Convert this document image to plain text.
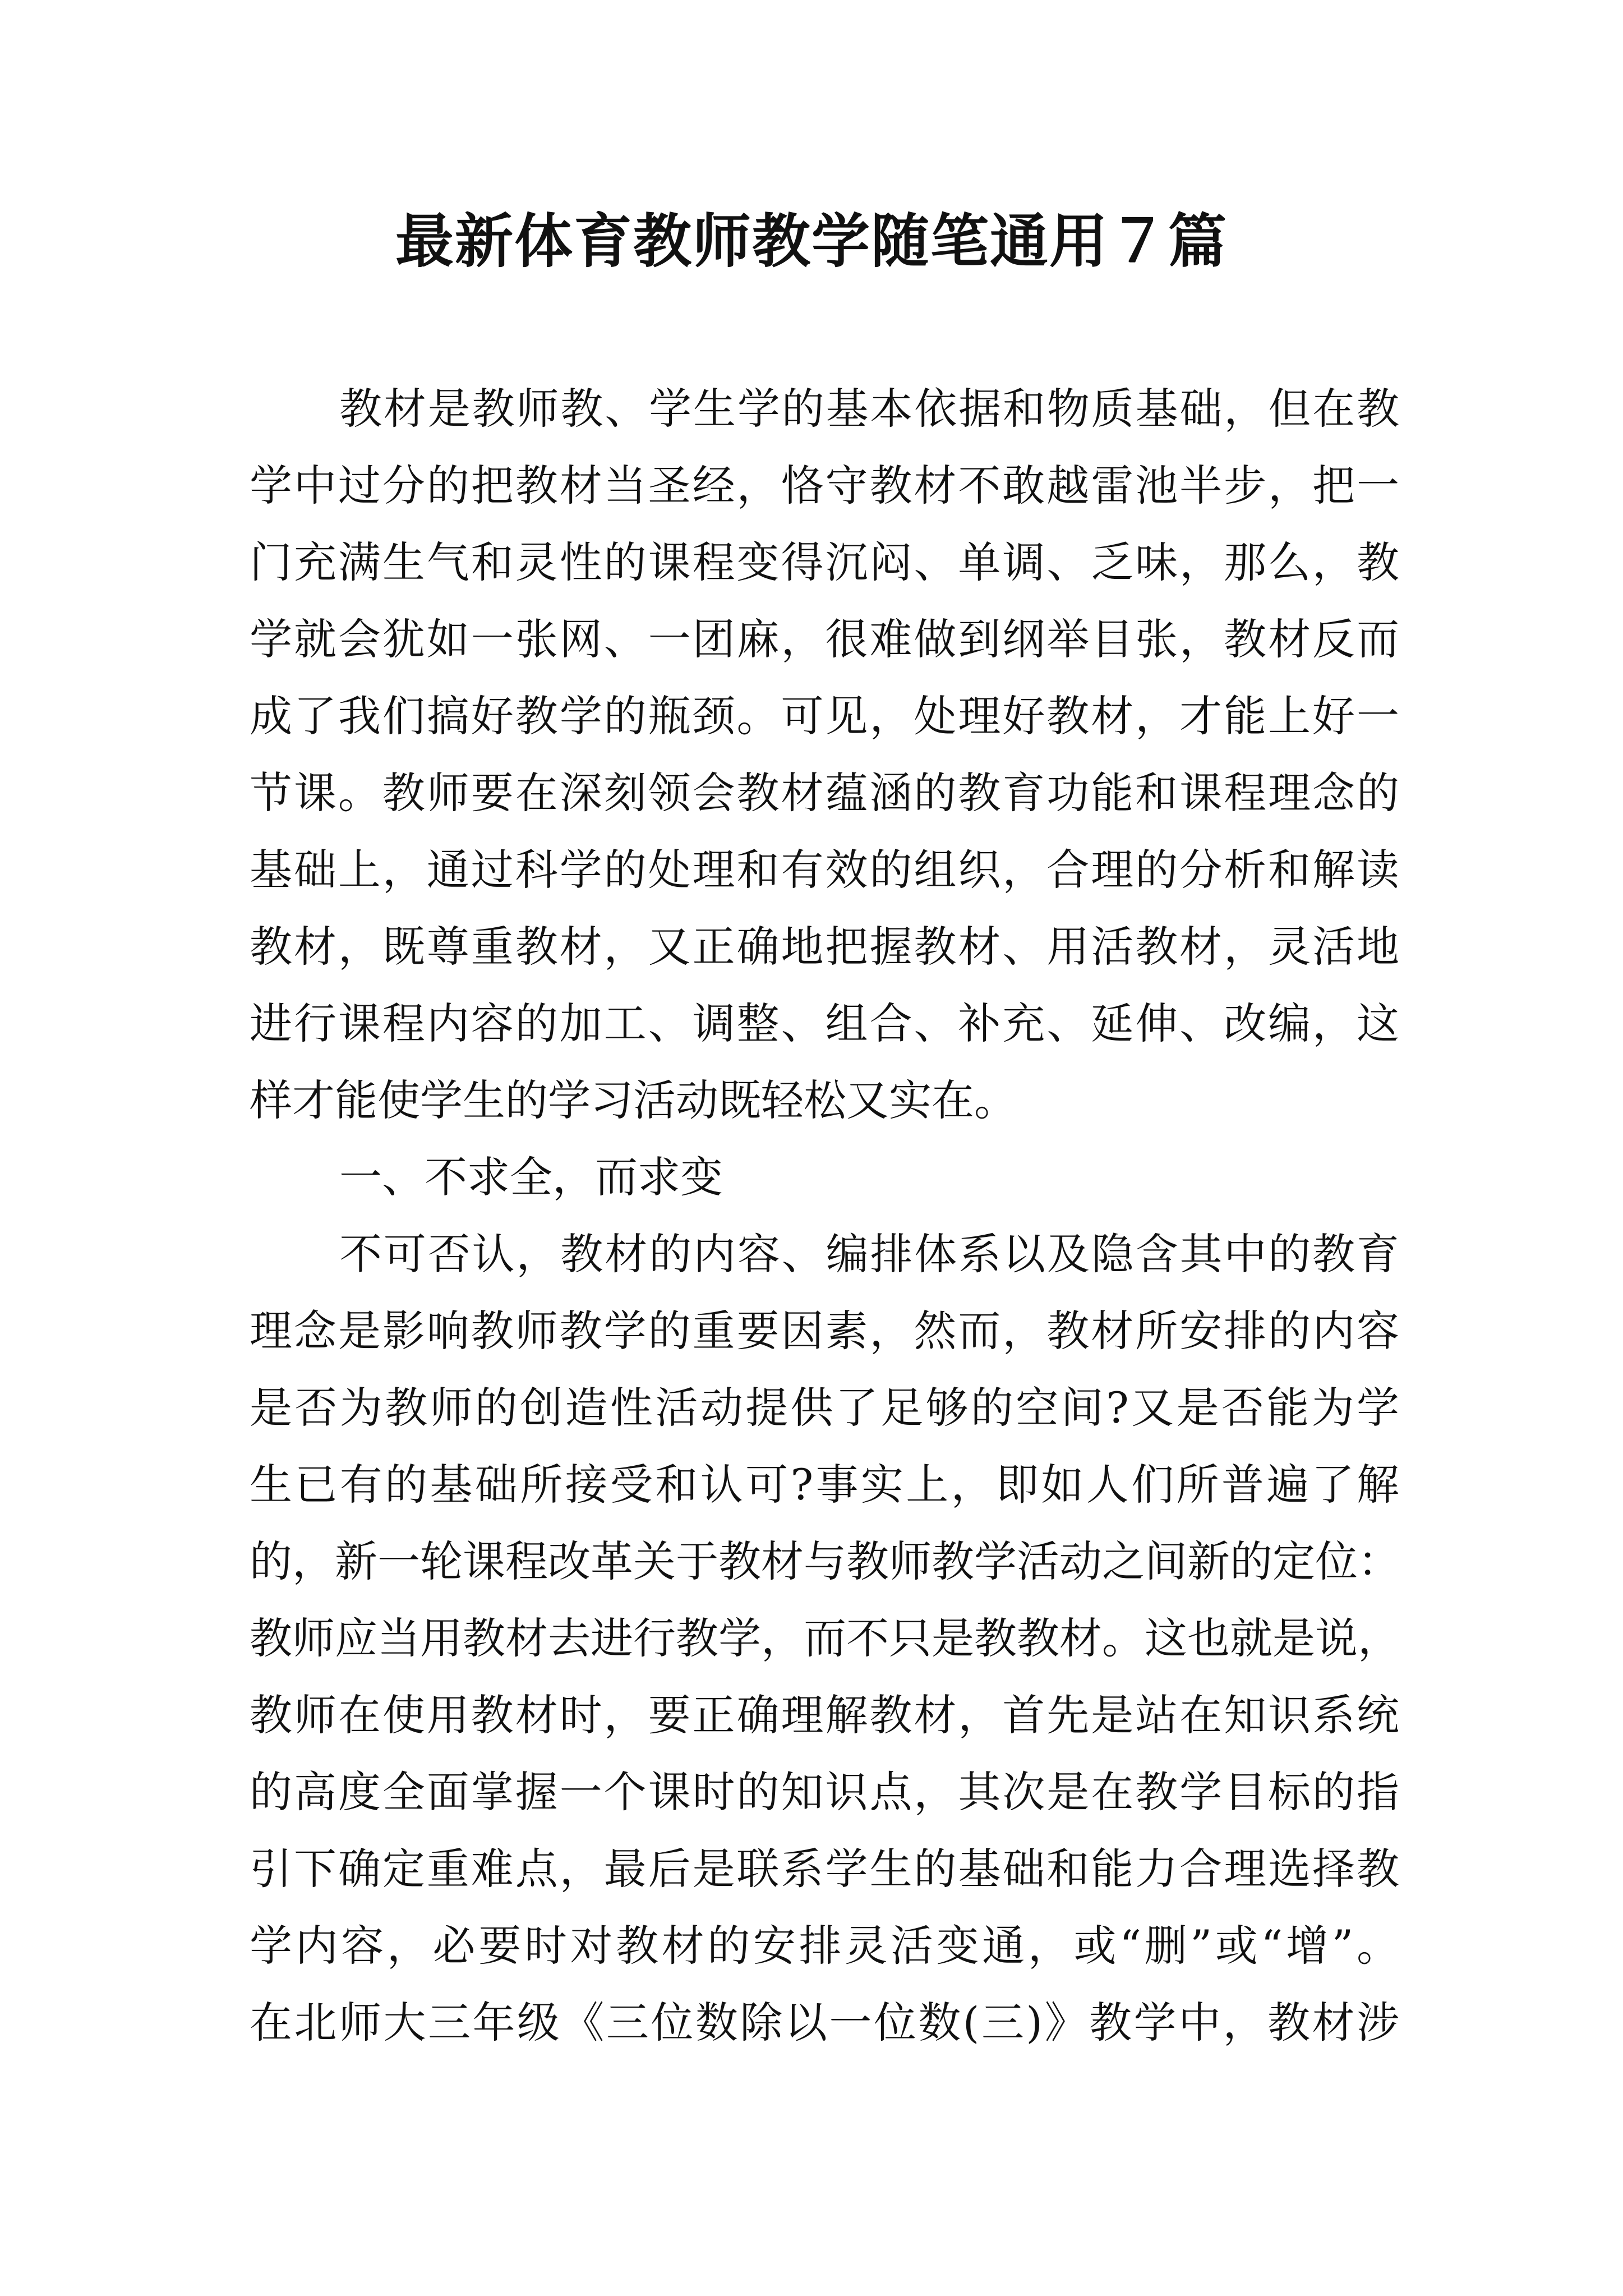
最新体育教师教学随笔通用７篇
教材是教师教、学生学的基本依据和物质基础，但在教
学中过分的把教材当圣经，恪守教材不敢越雷池半步，把一
门充满生气和灵性的课程变得沉闷、单调、乏味，那么，教
学就会犹如一张网、一团麻，很难做到纲举目张，教材反而
成了我们搞好教学的瓶颈。可见，处理好教材，才能上好一
节课。教师要在深刻领会教材蕴涵的教育功能和课程理念的
基础上，通过科学的处理和有效的组织，合理的分析和解读
教材，既尊重教材，又正确地把握教材、用活教材，灵活地
进行课程内容的加工、调整、组合、补充、延伸、改编，这
样才能使学生的学习活动既轻松又实在。
一、不求全，而求变
不可否认，教材的内容、编排体系以及隐含其中的教育
理念是影响教师教学的重要因素，然而，教材所安排的内容
是否为教师的创造性活动提供了足够的空间?又是否能为学
生已有的基础所接受和认可?事实上，即如人们所普遍了解
的，新一轮课程改革关于教材与教师教学活动之间新的定位：
教师应当用教材去进行教学，而不只是教教材。这也就是说，
教师在使用教材时，要正确理解教材，首先是站在知识系统
的高度全面掌握一个课时的知识点，其次是在教学目标的指
引下确定重难点，最后是联系学生的基础和能力合理选择教
学内容，必要时对教材的安排灵活变通，或“删”或“增”。
在北师大三年级《三位数除以一位数(三)》教学中，教材涉
